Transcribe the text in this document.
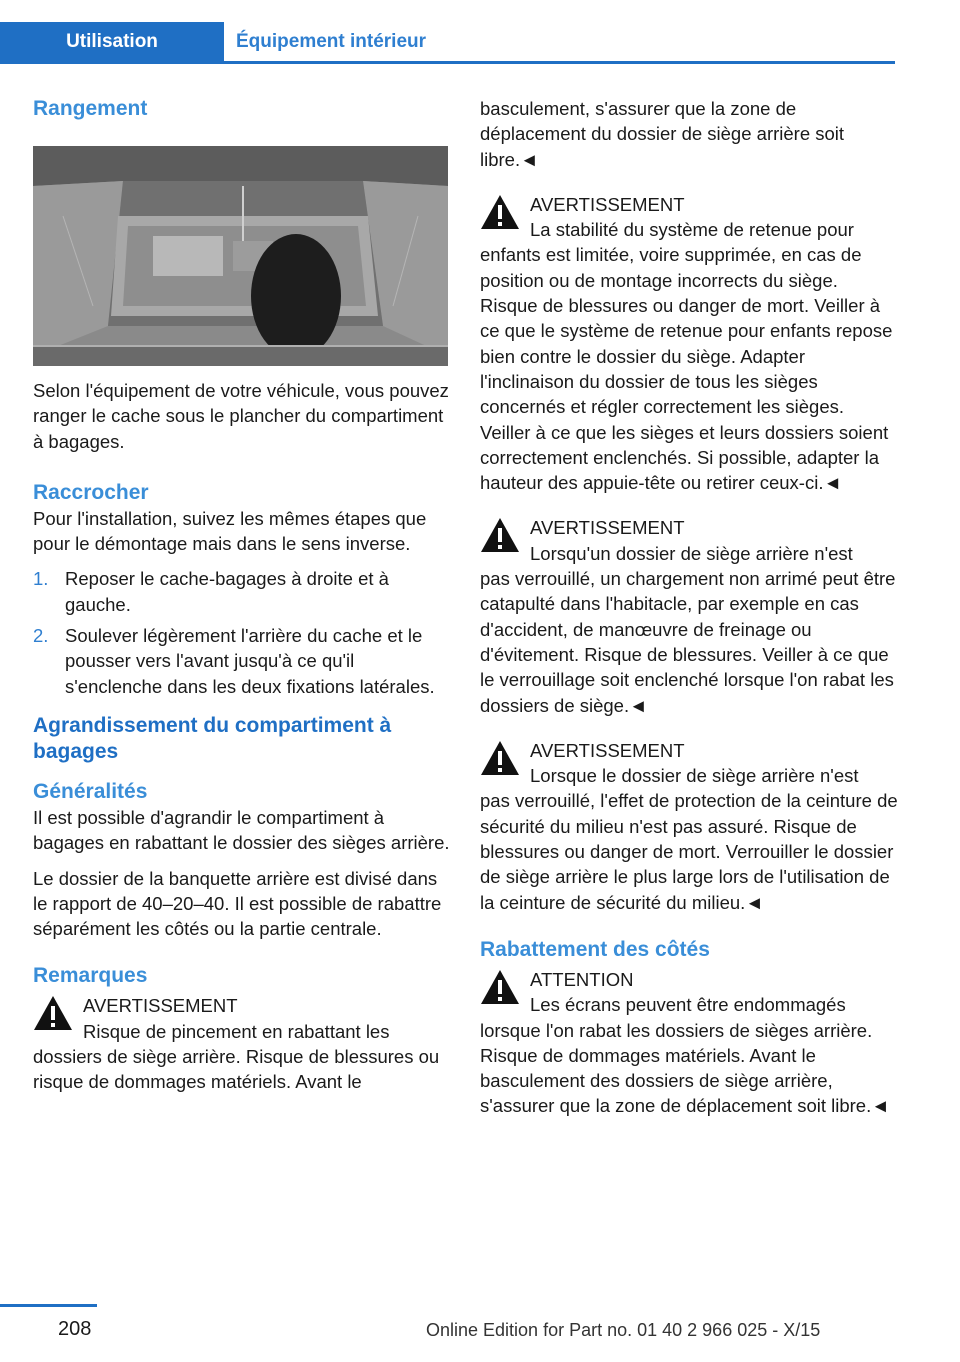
Utilisation	Équipement intérieur
Rangement

Selon l'équipement de votre véhicule, vous pouvez ranger le cache sous le plancher du compartiment à bagages.

Raccrocher

Pour l'installation, suivez les mêmes étapes que pour le démontage mais dans le sens inverse.

1. Reposer le cache-bagages à droite et à gauche.
2. Soulever légèrement l'arrière du cache et le pousser vers l'avant jusqu'à ce qu'il s'enclenche dans les deux fixations latérales.
Agrandissement du compartiment à bagages
Généralités

Il est possible d'agrandir le compartiment à bagages en rabattant le dossier des sièges arrière.

Le dossier de la banquette arrière est divisé dans le rapport de 40–20–40. Il est possible de rabattre séparément les côtés ou la partie centrale.

Remarques
AVERTISSEMENT
Risque de pincement en rabattant les
dossiers de siège arrière. Risque de blessures ou risque de dommages matériels. Avant le

basculement, s'assurer que la zone de déplacement du dossier de siège arrière soit libre.◄

AVERTISSEMENT
La stabilité du système de retenue pour
enfants est limitée, voire supprimée, en cas de position ou de montage incorrects du siège. Risque de blessures ou danger de mort. Veiller à ce que le système de retenue pour enfants repose bien contre le dossier du siège. Adapter l'inclinaison du dossier de tous les sièges concernés et régler correctement les sièges. Veiller à ce que les sièges et leurs dossiers soient correctement enclenchés. Si possible, adapter la hauteur des appuie-tête ou retirer ceux-ci.◄
AVERTISSEMENT
Lorsqu'un dossier de siège arrière n'est
pas verrouillé, un chargement non arrimé peut être catapulté dans l'habitacle, par exemple en cas d'accident, de manœuvre de freinage ou d'évitement. Risque de blessures. Veiller à ce que le verrouillage soit enclenché lorsque l'on rabat les dossiers de siège.◄
AVERTISSEMENT
Lorsque le dossier de siège arrière n'est
pas verrouillé, l'effet de protection de la ceinture de sécurité du milieu n'est pas assuré. Risque de blessures ou danger de mort. Verrouiller le dossier de siège arrière le plus large lors de l'utilisation de la ceinture de sécurité du milieu.◄
Rabattement des côtés
ATTENTION
Les écrans peuvent être endommagés
lorsque l'on rabat les dossiers de sièges arrière. Risque de dommages matériels. Avant le basculement des dossiers de siège arrière, s'assurer que la zone de déplacement soit libre.◄
208	Online Edition for Part no. 01 40 2 966 025 - X/15
